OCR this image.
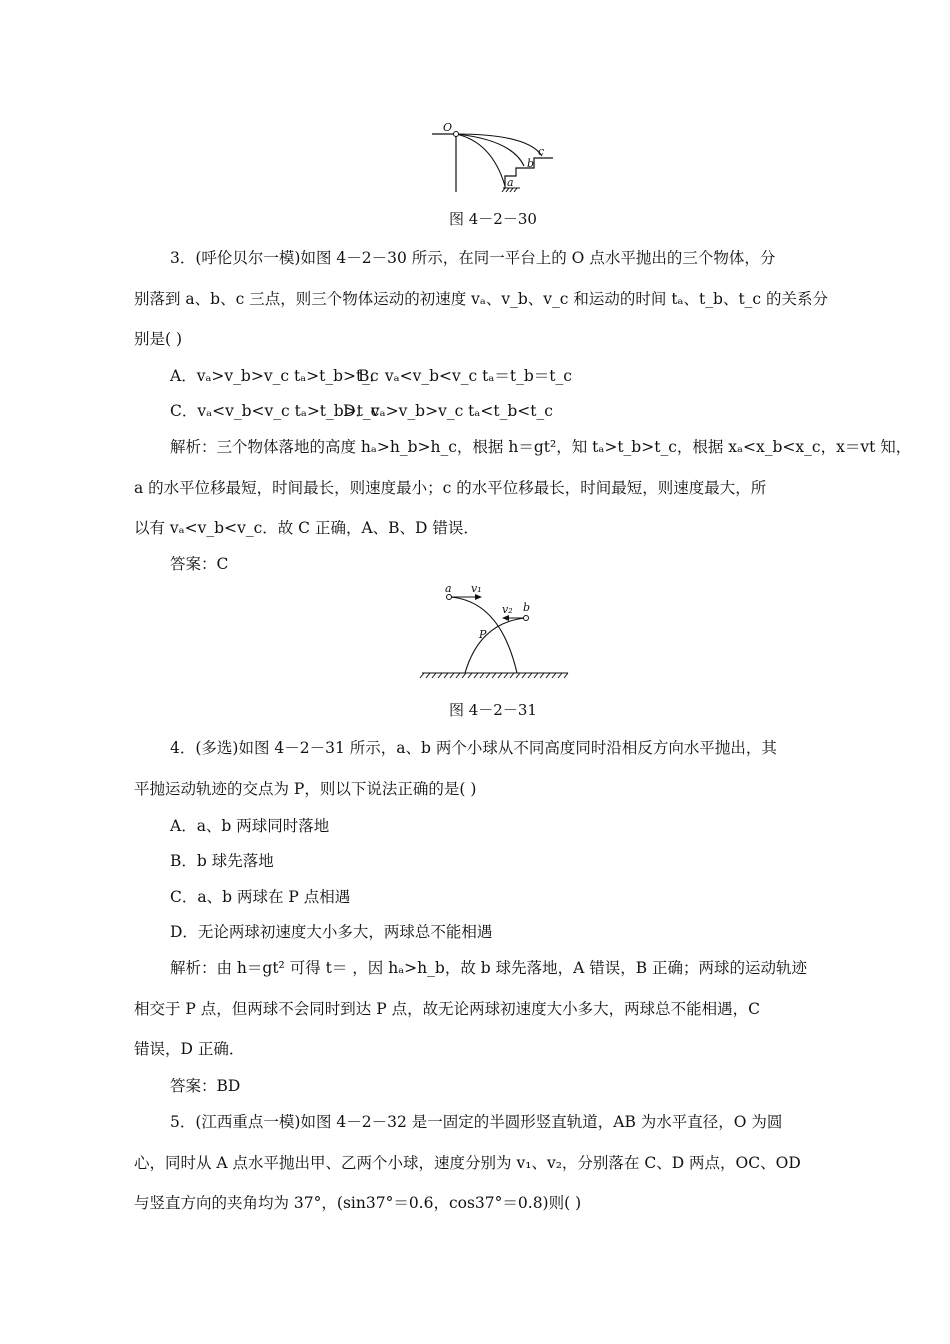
O
a
b
c
图 4－2－30
3．(呼伦贝尔一模)如图 4－2－30 所示，在同一平台上的 O 点水平抛出的三个物体，分
别落到 a、b、c 三点，则三个物体运动的初速度 vₐ、v_b、v_c 和运动的时间 tₐ、t_b、t_c 的关系分
别是( )
A．vₐ>v_b>v_c tₐ>t_b>t_c
B．vₐ<v_b<v_c tₐ＝t_b＝t_c
C．vₐ<v_b<v_c tₐ>t_b>t_c
D．vₐ>v_b>v_c tₐ<t_b<t_c
解析：三个物体落地的高度 hₐ>h_b>h_c，根据 h＝gt²，知 tₐ>t_b>t_c，根据 xₐ<x_b<x_c，x＝vt 知，
a 的水平位移最短，时间最长，则速度最小；c 的水平位移最长，时间最短，则速度最大，所
以有 vₐ<v_b<v_c．故 C 正确，A、B、D 错误．
答案：C
a v₁
v₂ b
P
图 4－2－31
4．(多选)如图 4－2－31 所示，a、b 两个小球从不同高度同时沿相反方向水平抛出，其
平抛运动轨迹的交点为 P，则以下说法正确的是( )
A．a、b 两球同时落地
B．b 球先落地
C．a、b 两球在 P 点相遇
D．无论两球初速度大小多大，两球总不能相遇
解析：由 h＝gt² 可得 t＝ ，因 hₐ>h_b，故 b 球先落地，A 错误，B 正确；两球的运动轨迹
相交于 P 点，但两球不会同时到达 P 点，故无论两球初速度大小多大，两球总不能相遇，C
错误，D 正确．
答案：BD
5．(江西重点一模)如图 4－2－32 是一固定的半圆形竖直轨道，AB 为水平直径，O 为圆
心，同时从 A 点水平抛出甲、乙两个小球，速度分别为 v₁、v₂，分别落在 C、D 两点，OC、OD
与竖直方向的夹角均为 37°，(sin37°＝0.6，cos37°＝0.8)则( )
